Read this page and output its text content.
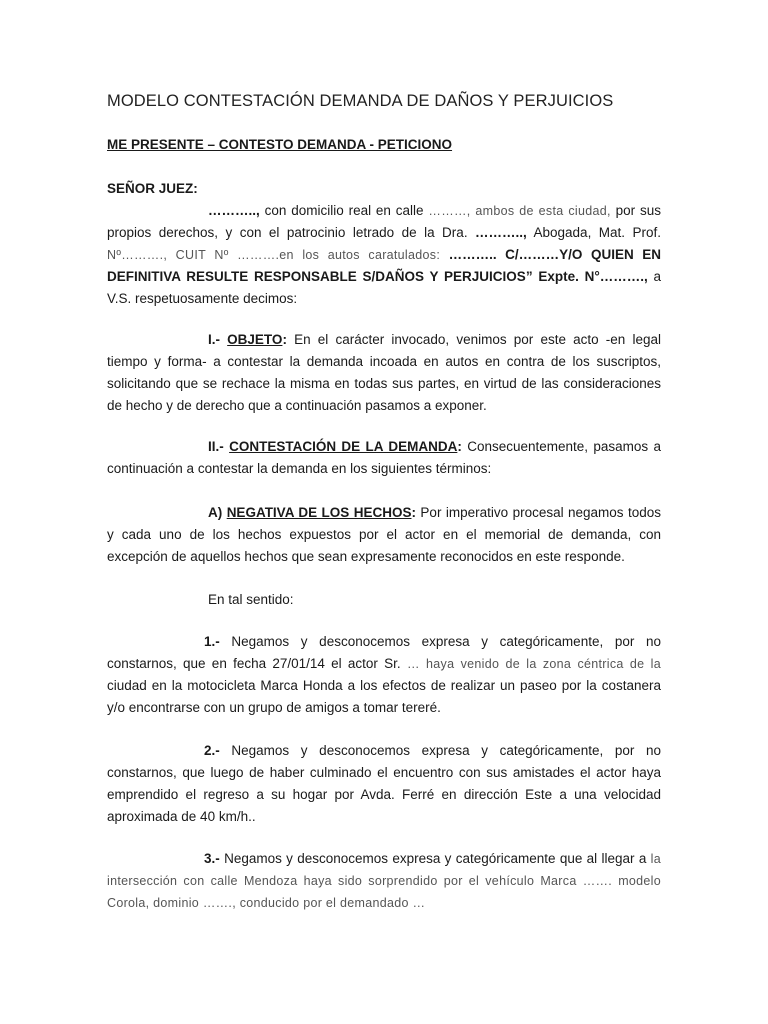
MODELO CONTESTACIÓN DEMANDA DE DAÑOS Y PERJUICIOS
ME PRESENTE – CONTESTO DEMANDA - PETICIONO
SEÑOR JUEZ:

……….., con domicilio real en calle ………, ambos de esta ciudad, por sus propios derechos, y con el patrocinio letrado de la Dra. ……….., Abogada, Mat. Prof. Nº………., CUIT Nº ……….en los autos caratulados: ……….. C/………Y/O QUIEN EN DEFINITIVA RESULTE RESPONSABLE S/DAÑOS Y PERJUICIOS” Expte. N°………., a V.S. respetuosamente decimos:

I.- OBJETO: En el carácter invocado, venimos por este acto -en legal tiempo y forma- a contestar la demanda incoada en autos en contra de los suscriptos, solicitando que se rechace la misma en todas sus partes, en virtud de las consideraciones de hecho y de derecho que a continuación pasamos a exponer.

II.- CONTESTACIÓN DE LA DEMANDA: Consecuentemente, pasamos a continuación a contestar la demanda en los siguientes términos:

A) NEGATIVA DE LOS HECHOS: Por imperativo procesal negamos todos y cada uno de los hechos expuestos por el actor en el memorial de demanda, con excepción de aquellos hechos que sean expresamente reconocidos en este responde.

En tal sentido:

1.- Negamos y desconocemos expresa y categóricamente, por no constarnos, que en fecha 27/01/14 el actor Sr. … haya venido de la zona céntrica de la ciudad en la motocicleta Marca Honda a los efectos de realizar un paseo por la costanera y/o encontrarse con un grupo de amigos a tomar tereré.

2.- Negamos y desconocemos expresa y categóricamente, por no constarnos, que luego de haber culminado el encuentro con sus amistades el actor haya emprendido el regreso a su hogar por Avda. Ferré en dirección Este a una velocidad aproximada de 40 km/h..

3.- Negamos y desconocemos expresa y categóricamente que al llegar a la intersección con calle Mendoza haya sido sorprendido por el vehículo Marca ……. modelo Corola, dominio ……., conducido por el demandado …
